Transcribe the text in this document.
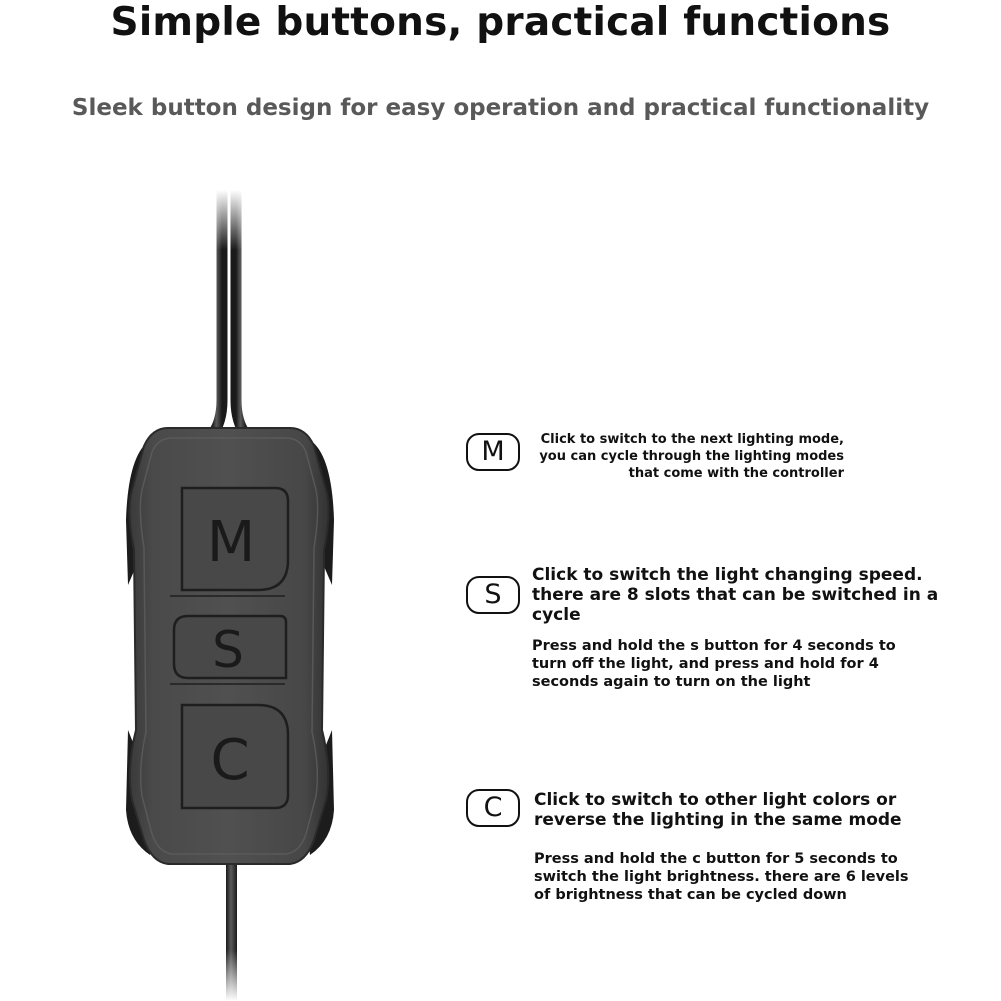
Simple buttons, practical functions
Sleek button design for easy operation and practical functionality
M
S
C
M	Click to switch to the next lighting mode,
you can cycle through the lighting modes
that come with the controller
S
Click to switch the light changing speed.
there are 8 slots that can be switched in a
cycle
Press and hold the s button for 4 seconds to
turn off the light, and press and hold for 4
seconds again to turn on the light
C Click to switch to other light colors or
reverse the lighting in the same mode
Press and hold the c button for 5 seconds to
switch the light brightness. there are 6 levels
of brightness that can be cycled down
